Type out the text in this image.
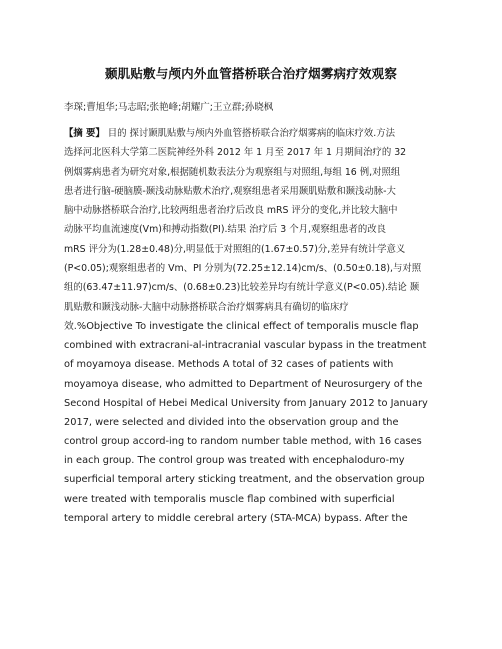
颞肌贴敷与颅内外血管搭桥联合治疗烟雾病疗效观察
李琛;曹旭华;马志昭;张艳峰;胡耀广;王立群;孙晓枫
【摘 要】 目的 探讨颞肌贴敷与颅内外血管搭桥联合治疗烟雾病的临床疗效.方法
选择河北医科大学第二医院神经外科 2012 年 1 月至 2017 年 1 月期间治疗的 32
例烟雾病患者为研究对象,根据随机数表法分为观察组与对照组,每组 16 例,对照组
患者进行脑-硬脑膜-颞浅动脉贴敷术治疗,观察组患者采用颞肌贴敷和颞浅动脉-大
脑中动脉搭桥联合治疗,比较两组患者治疗后改良 mRS 评分的变化,并比较大脑中
动脉平均血流速度(Vm)和搏动指数(PI).结果 治疗后 3 个月,观察组患者的改良
mRS 评分为(1.28±0.48)分,明显低于对照组的(1.67±0.57)分,差异有统计学意义
(P<0.05);观察组患者的 Vm、PI 分别为(72.25±12.14)cm/s、(0.50±0.18),与对照
组的(63.47±11.97)cm/s、(0.68±0.23)比较差异均有统计学意义(P<0.05).结论 颞
肌贴敷和颞浅动脉-大脑中动脉搭桥联合治疗烟雾病具有确切的临床疗
效.%Objective To investigate the clinical effect of temporalis muscle flap
combined with extracrani-al-intracranial vascular bypass in the treatment
of moyamoya disease. Methods A total of 32 cases of patients with
moyamoya disease, who admitted to Department of Neurosurgery of the
Second Hospital of Hebei Medical University from January 2012 to January
2017, were selected and divided into the observation group and the
control group accord-ing to random number table method, with 16 cases
in each group. The control group was treated with encephaloduro-my
superficial temporal artery sticking treatment, and the observation group
were treated with temporalis muscle flap combined with superficial
temporal artery to middle cerebral artery (STA-MCA) bypass. After the
